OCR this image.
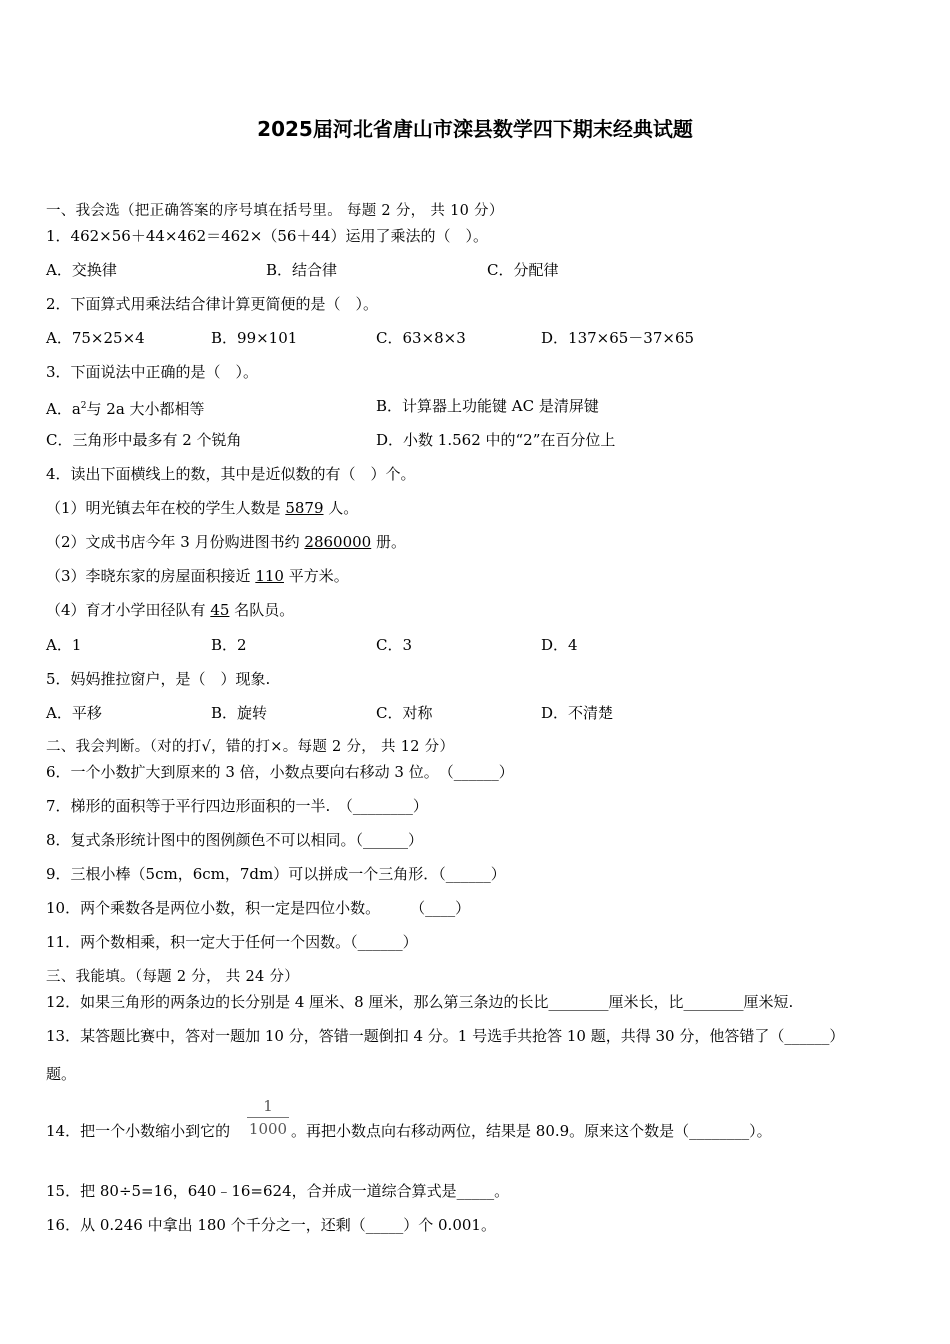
2025届河北省唐山市滦县数学四下期末经典试题
一、我会选（把正确答案的序号填在括号里。 每题 2 分， 共 10 分）
1．462×56＋44×462＝462×（56＋44）运用了乘法的（　）。
A．交换律	B．结合律	C．分配律
2．下面算式用乘法结合律计算更简便的是（　）。
A．75×25×4	B．99×101	C．63×8×3	D．137×65－37×65
3．下面说法中正确的是（　）。
A．$a^2$与 2a 大小都相等	B．计算器上功能键 AC 是清屏键
C．三角形中最多有 2 个锐角	D．小数 1.562 中的“2”在百分位上
4．读出下面横线上的数，其中是近似数的有（　）个。
（1）明光镇去年在校的学生人数是 5879 人。
（2）文成书店今年 3 月份购进图书约 2860000 册。
（3）李晓东家的房屋面积接近 110 平方米。
（4）育才小学田径队有 45 名队员。
A．1	B．2	C．3	D．4
5．妈妈推拉窗户，是（　）现象.
A．平移	B．旋转	C．对称	D．不清楚
二、我会判断。（对的打√，错的打×。每题 2 分， 共 12 分）
6．一个小数扩大到原来的 3 倍，小数点要向右移动 3 位。　（______）
7．梯形的面积等于平行四边形面积的一半.　（________）
8．复式条形统计图中的图例颜色不可以相同。（______）
9．三根小棒（5cm，6cm，7dm）可以拼成一个三角形．（______）
10．两个乘数各是两位小数，积一定是四位小数。　　　（____）
11．两个数相乘，积一定大于任何一个因数。（______）
三、我能填。（每题 2 分， 共 24 分）
12．如果三角形的两条边的长分别是 4 厘米、8 厘米，那么第三条边的长比________厘米长，比________厘米短.
13．某答题比赛中，答对一题加 10 分，答错一题倒扣 4 分。1 号选手共抢答 10 题，共得 30 分，他答错了（______）
题。
14．把一个小数缩小到它的
1
1000 。再把小数点向右移动两位，结果是 80.9。原来这个数是（________）。
15．把 80÷5=16，640﹣16=624，合并成一道综合算式是_____。
16．从 0.246 中拿出 180 个千分之一，还剩（_____）个 0.001。
